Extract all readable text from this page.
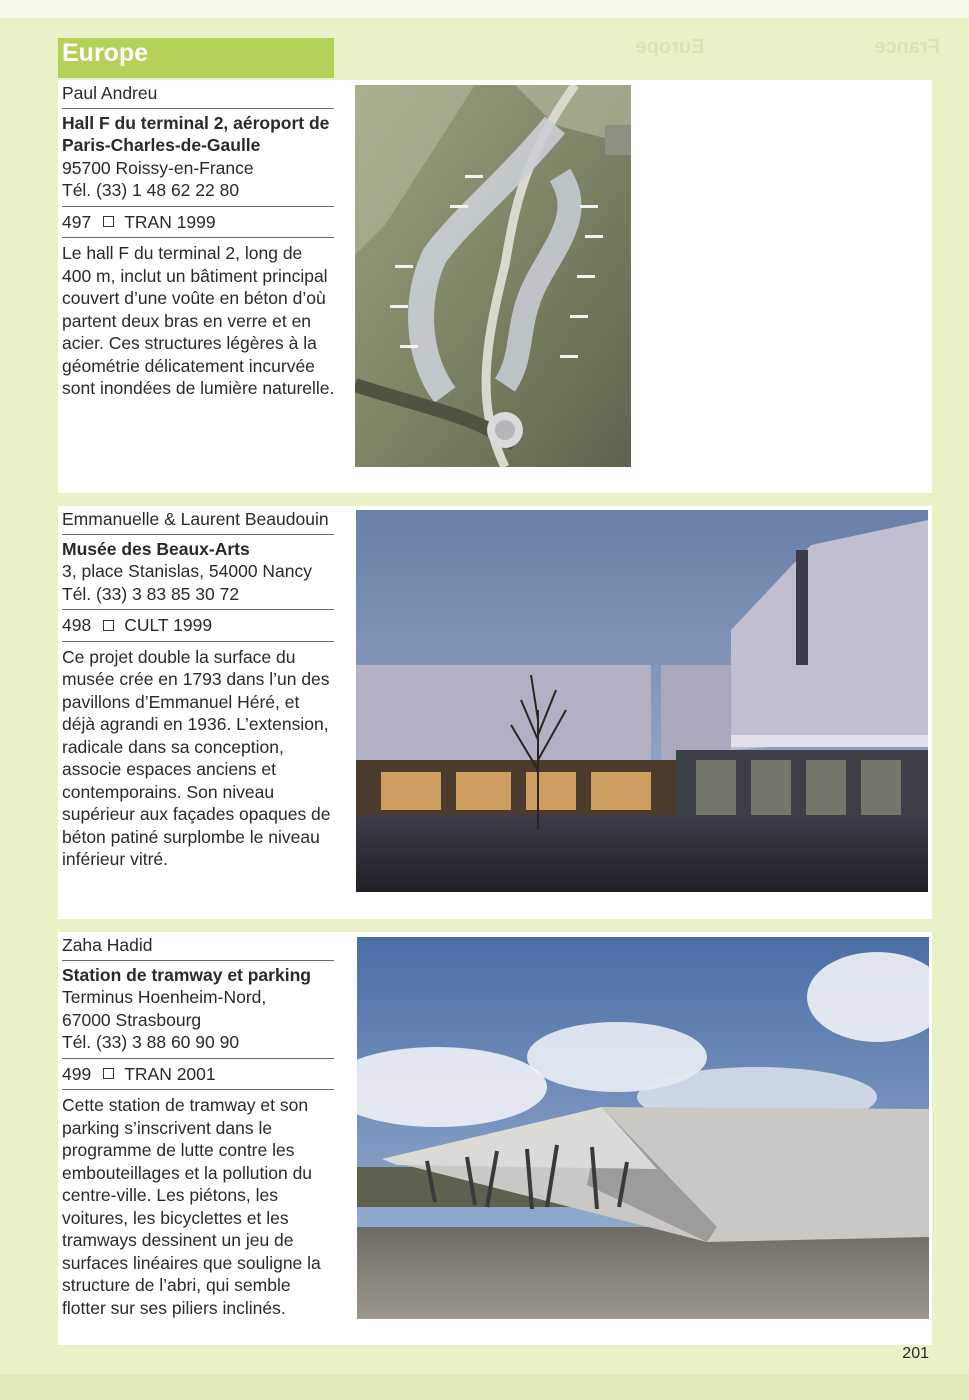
FranceEurope
Europe
Paul Andreu
Hall F du terminal 2, aéroport de Paris-Charles-de-Gaulle
95700 Roissy-en-France
Tél. (33) 1 48 62 22 80
497 TRAN 1999
Le hall F du terminal 2, long de 400 m, inclut un bâtiment principal couvert d’une voûte en béton d’où partent deux bras en verre et en acier. Ces structures légères à la géométrie délicatement incurvée sont inondées de lumière naturelle.
Emmanuelle & Laurent Beaudouin
Musée des Beaux-Arts
3, place Stanislas, 54000 Nancy
Tél. (33) 3 83 85 30 72
498 CULT 1999
Ce projet double la surface du musée crée en 1793 dans l’un des pavillons d’Emmanuel Héré, et déjà agrandi en 1936. L’extension, radicale dans sa conception, associe espaces anciens et contemporains. Son niveau supérieur aux façades opaques de béton patiné surplombe le niveau inférieur vitré.
Zaha Hadid
Station de tramway et parking
Terminus Hoenheim-Nord,
67000 Strasbourg
Tél. (33) 3 88 60 90 90
499 TRAN 2001
Cette station de tramway et son parking s’inscrivent dans le programme de lutte contre les embouteillages et la pollution du centre-ville. Les piétons, les voitures, les bicyclettes et les tramways dessinent un jeu de surfaces linéaires que souligne la structure de l’abri, qui semble flotter sur ses piliers inclinés.
201
